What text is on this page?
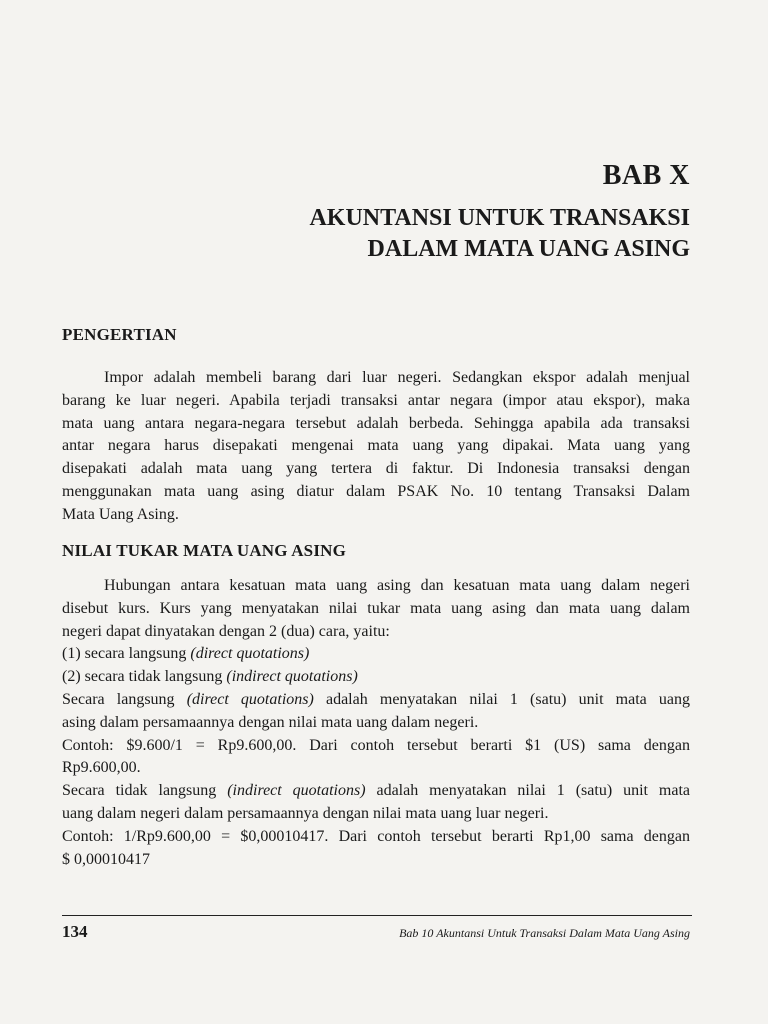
BAB X
AKUNTANSI UNTUK TRANSAKSI
DALAM MATA UANG ASING
PENGERTIAN
Impor adalah membeli barang dari luar negeri. Sedangkan ekspor adalah menjual
barang ke luar negeri. Apabila terjadi transaksi antar negara (impor atau ekspor), maka
mata uang antara negara-negara tersebut adalah berbeda. Sehingga apabila ada transaksi
antar negara harus disepakati mengenai mata uang yang dipakai. Mata uang yang
disepakati adalah mata uang yang tertera di faktur. Di Indonesia transaksi dengan
menggunakan mata uang asing diatur dalam PSAK No. 10 tentang Transaksi Dalam
Mata Uang Asing.
NILAI TUKAR MATA UANG ASING
Hubungan antara kesatuan mata uang asing dan kesatuan mata uang dalam negeri
disebut kurs. Kurs yang menyatakan nilai tukar mata uang asing dan mata uang dalam
negeri dapat dinyatakan dengan 2 (dua) cara, yaitu:
(1) secara langsung (direct quotations)
(2) secara tidak langsung (indirect quotations)
Secara langsung (direct quotations) adalah menyatakan nilai 1 (satu) unit mata uang
asing dalam persamaannya dengan nilai mata uang dalam negeri.
Contoh: $9.600/1 = Rp9.600,00. Dari contoh tersebut berarti $1 (US) sama dengan
Rp9.600,00.
Secara tidak langsung (indirect quotations) adalah menyatakan nilai 1 (satu) unit mata
uang dalam negeri dalam persamaannya dengan nilai mata uang luar negeri.
Contoh: 1/Rp9.600,00 = $0,00010417. Dari contoh tersebut berarti Rp1,00 sama dengan
$ 0,00010417
134	Bab 10 Akuntansi Untuk Transaksi Dalam Mata Uang Asing
